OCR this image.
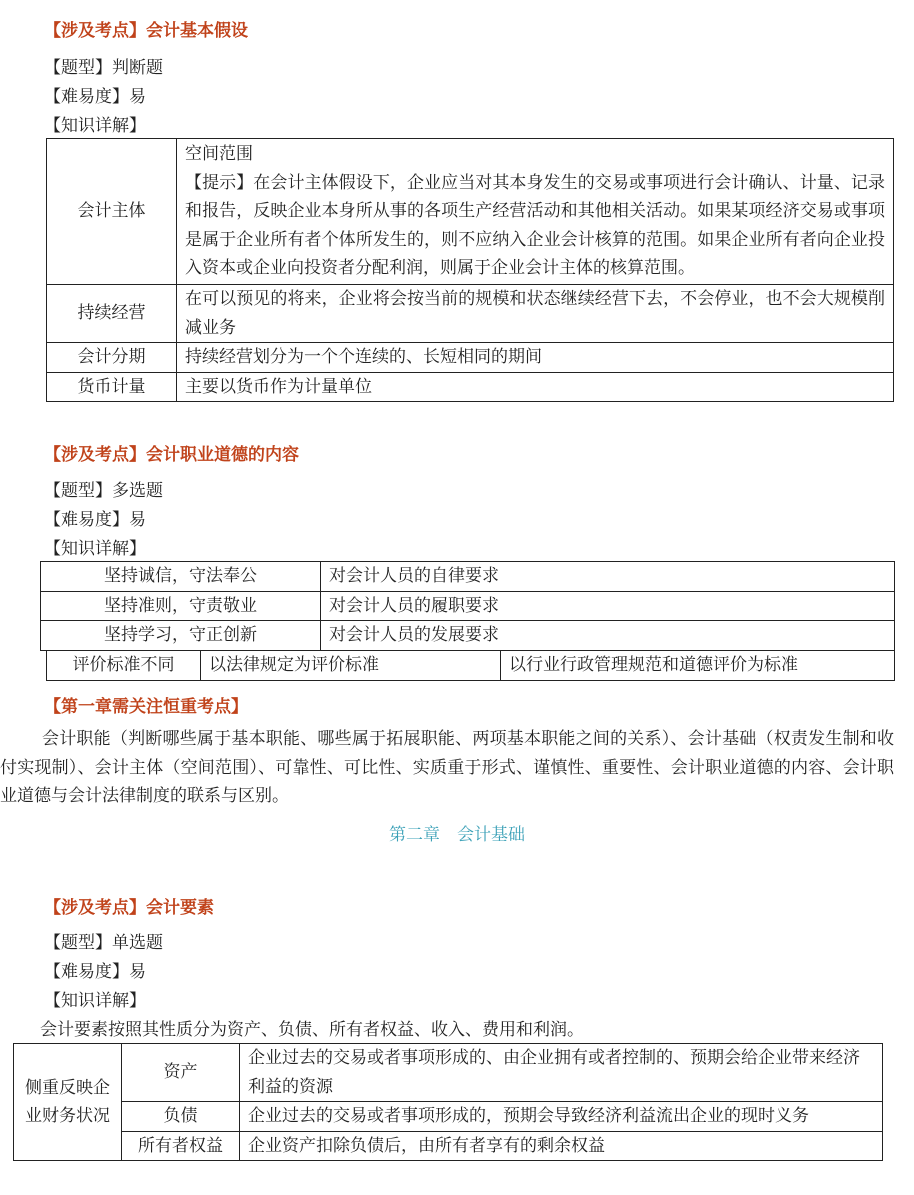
【涉及考点】会计基本假设
【题型】判断题
【难易度】易
【知识详解】
会计主体	空间范围
【提示】在会计主体假设下，企业应当对其本身发生的交易或事项进行会计确认、计量、记录和报告，反映企业本身所从事的各项生产经营活动和其他相关活动。如果某项经济交易或事项是属于企业所有者个体所发生的，则不应纳入企业会计核算的范围。如果企业所有者向企业投入资本或企业向投资者分配利润，则属于企业会计主体的核算范围。

持续经营	在可以预见的将来，企业将会按当前的规模和状态继续经营下去，不会停业，也不会大规模削减业务
会计分期	持续经营划分为一个个连续的、长短相同的期间
货币计量	主要以货币作为计量单位
【涉及考点】会计职业道德的内容
【题型】多选题
【难易度】易
【知识详解】
坚持诚信，守法奉公	对会计人员的自律要求
坚持准则，守责敬业	对会计人员的履职要求
坚持学习，守正创新	对会计人员的发展要求
评价标准不同	以法律规定为评价标准	以行业行政管理规范和道德评价为标准
【第一章需关注恒重考点】
会计职能（判断哪些属于基本职能、哪些属于拓展职能、两项基本职能之间的关系）、会计基础（权责发生制和收付实现制）、会计主体（空间范围）、可靠性、可比性、实质重于形式、谨慎性、重要性、会计职业道德的内容、会计职业道德与会计法律制度的联系与区别。
第二章　会计基础
【涉及考点】会计要素
【题型】单选题
【难易度】易
【知识详解】
会计要素按照其性质分为资产、负债、所有者权益、收入、费用和利润。
侧重反映企业财务状况	资产	企业过去的交易或者事项形成的、由企业拥有或者控制的、预期会给企业带来经济利益的资源
	负债	企业过去的交易或者事项形成的，预期会导致经济利益流出企业的现时义务
	所有者权益	企业资产扣除负债后，由所有者享有的剩余权益
